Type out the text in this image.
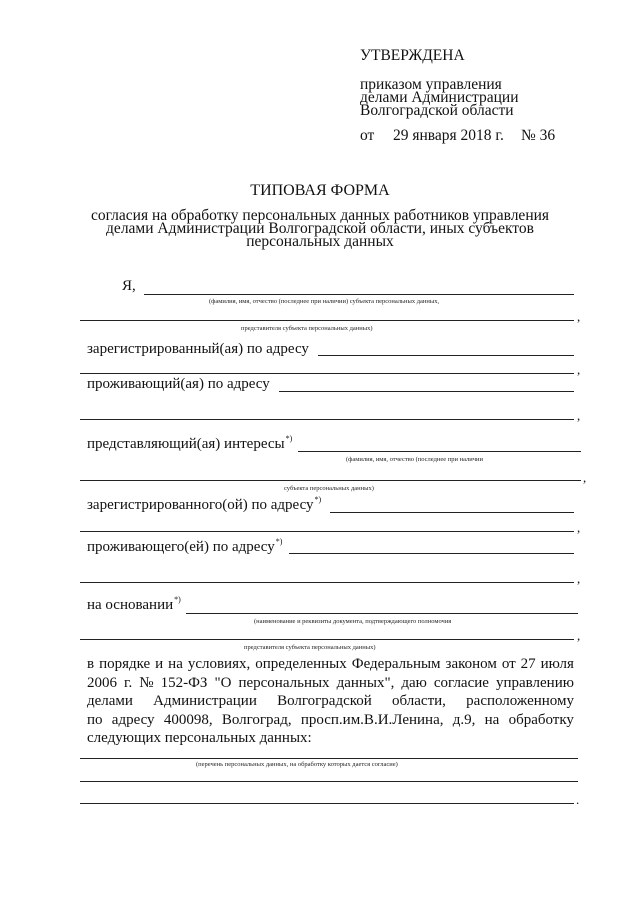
УТВЕРЖДЕНА
приказом управления
делами Администрации
Волгоградской области
от 29 января 2018 г. № 36
ТИПОВАЯ ФОРМА
согласия на обработку персональных данных работников управления
делами Администрации Волгоградской области, иных субъектов
персональных данных
Я,
(фамилия, имя, отчество (последнее при наличии) субъекта персональных данных,
,
представителя субъекта персональных данных)
зарегистрированный(ая) по адресу
,
проживающий(ая) по адресу
,
представляющий(ая) интересы*)
(фамилия, имя, отчество (последнее при наличии
,
субъекта персональных данных)
зарегистрированного(ой) по адресу*)
,
проживающего(ей) по адресу*)
,
на основании*)
(наименование и реквизиты документа, подтверждающего полномочия
,
представителя субъекта персональных данных)
в порядке и на условиях, определенных Федеральным законом от 27 июля
2006 г. № 152-ФЗ "О персональных данных", даю согласие управлению
делами Администрации Волгоградской области, расположенному
по адресу 400098, Волгоград, просп.им.В.И.Ленина, д.9, на обработку
следующих персональных данных:
(перечень персональных данных, на обработку которых дается согласие)
.
